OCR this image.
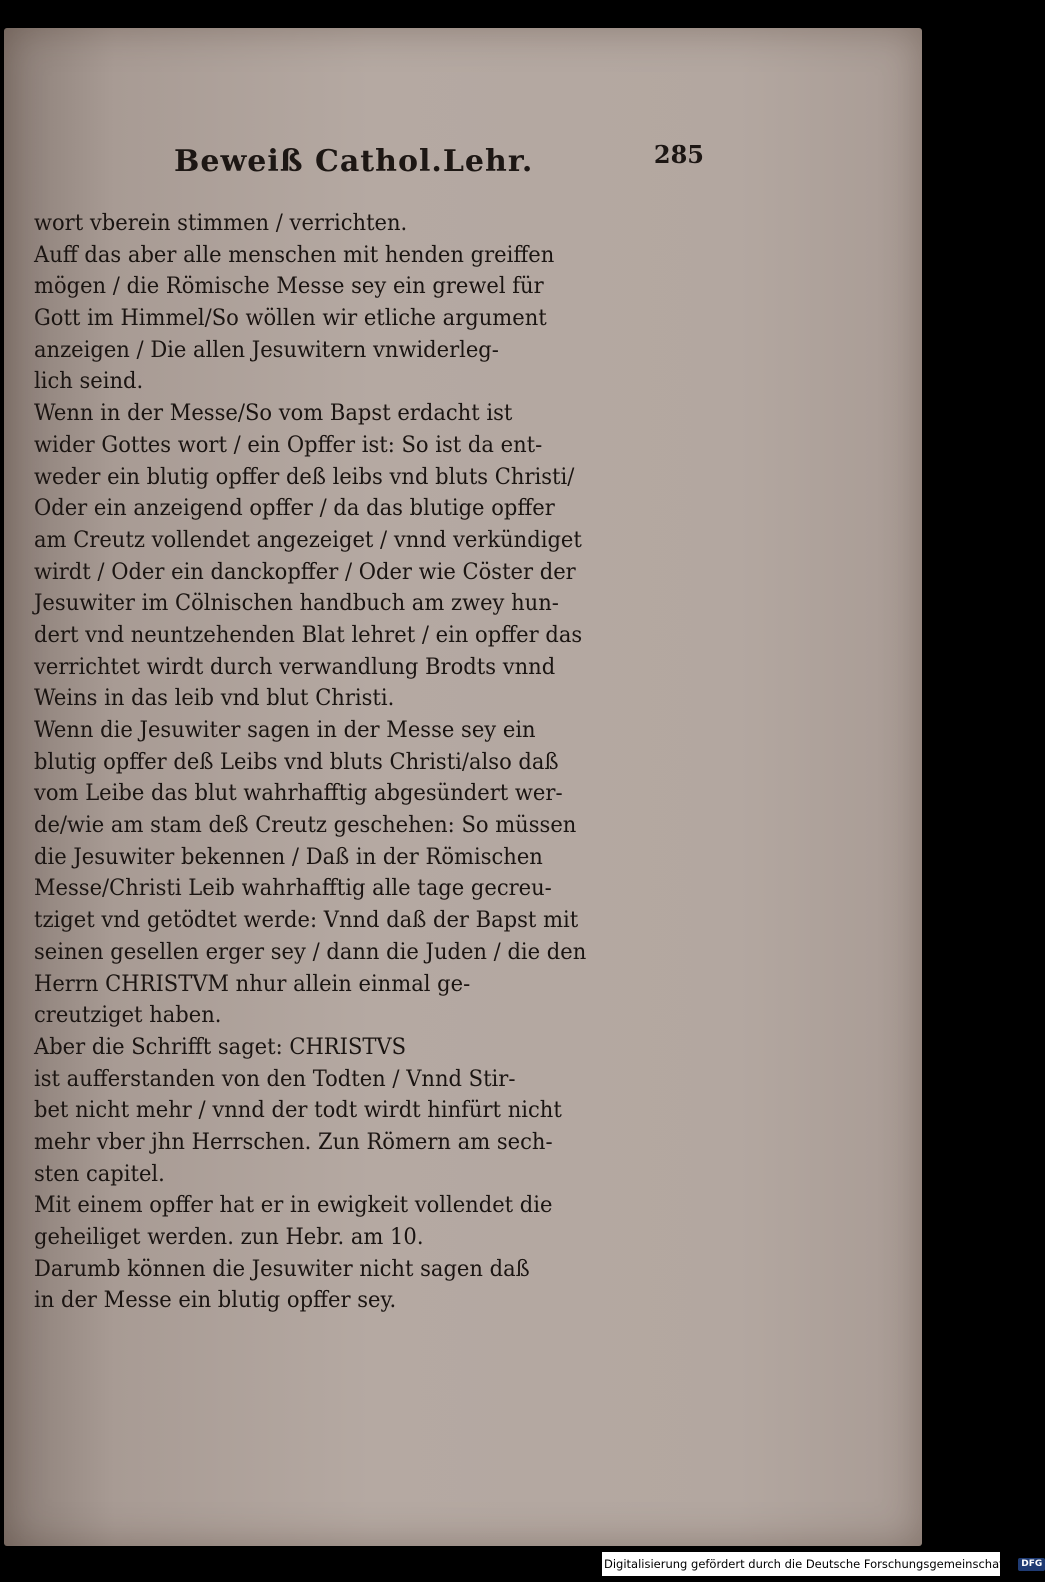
Beweiß Cathol.Lehr.	285
wort vberein stimmen / verrichten.
Auff das aber alle menschen mit henden greiffen
mögen / die Römische Messe sey ein grewel für
Gott im Himmel/So wöllen wir etliche argument
anzeigen / Die allen Jesuwitern vnwiderleg-
lich seind.
Wenn in der Messe/So vom Bapst erdacht ist
wider Gottes wort / ein Opffer ist: So ist da ent-
weder ein blutig opffer deß leibs vnd bluts Christi/
Oder ein anzeigend opffer / da das blutige opffer
am Creutz vollendet angezeiget / vnnd verkündiget
wirdt / Oder ein danckopffer / Oder wie Cöster der
Jesuwiter im Cölnischen handbuch am zwey hun-
dert vnd neuntzehenden Blat lehret / ein opffer das
verrichtet wirdt durch verwandlung Brodts vnnd
Weins in das leib vnd blut Christi.
Wenn die Jesuwiter sagen in der Messe sey ein
blutig opffer deß Leibs vnd bluts Christi/also daß
vom Leibe das blut wahrhafftig abgesündert wer-
de/wie am stam deß Creutz geschehen: So müssen
die Jesuwiter bekennen / Daß in der Römischen
Messe/Christi Leib wahrhafftig alle tage gecreu-
tziget vnd getödtet werde: Vnnd daß der Bapst mit
seinen gesellen erger sey / dann die Juden / die den
Herrn CHRISTVM nhur allein einmal ge-
creutziget haben.
Aber die Schrifft saget: CHRISTVS
ist aufferstanden von den Todten / Vnnd Stir-
bet nicht mehr / vnnd der todt wirdt hinfürt nicht
mehr vber jhn Herrschen. Zun Römern am sech-
sten capitel.
Mit einem opffer hat er in ewigkeit vollendet die
geheiliget werden. zun Hebr. am 10.
Darumb können die Jesuwiter nicht sagen daß
in der Messe ein blutig opffer sey.
Digitalisierung gefördert durch die Deutsche Forschungsgemeinschaft - DFG
